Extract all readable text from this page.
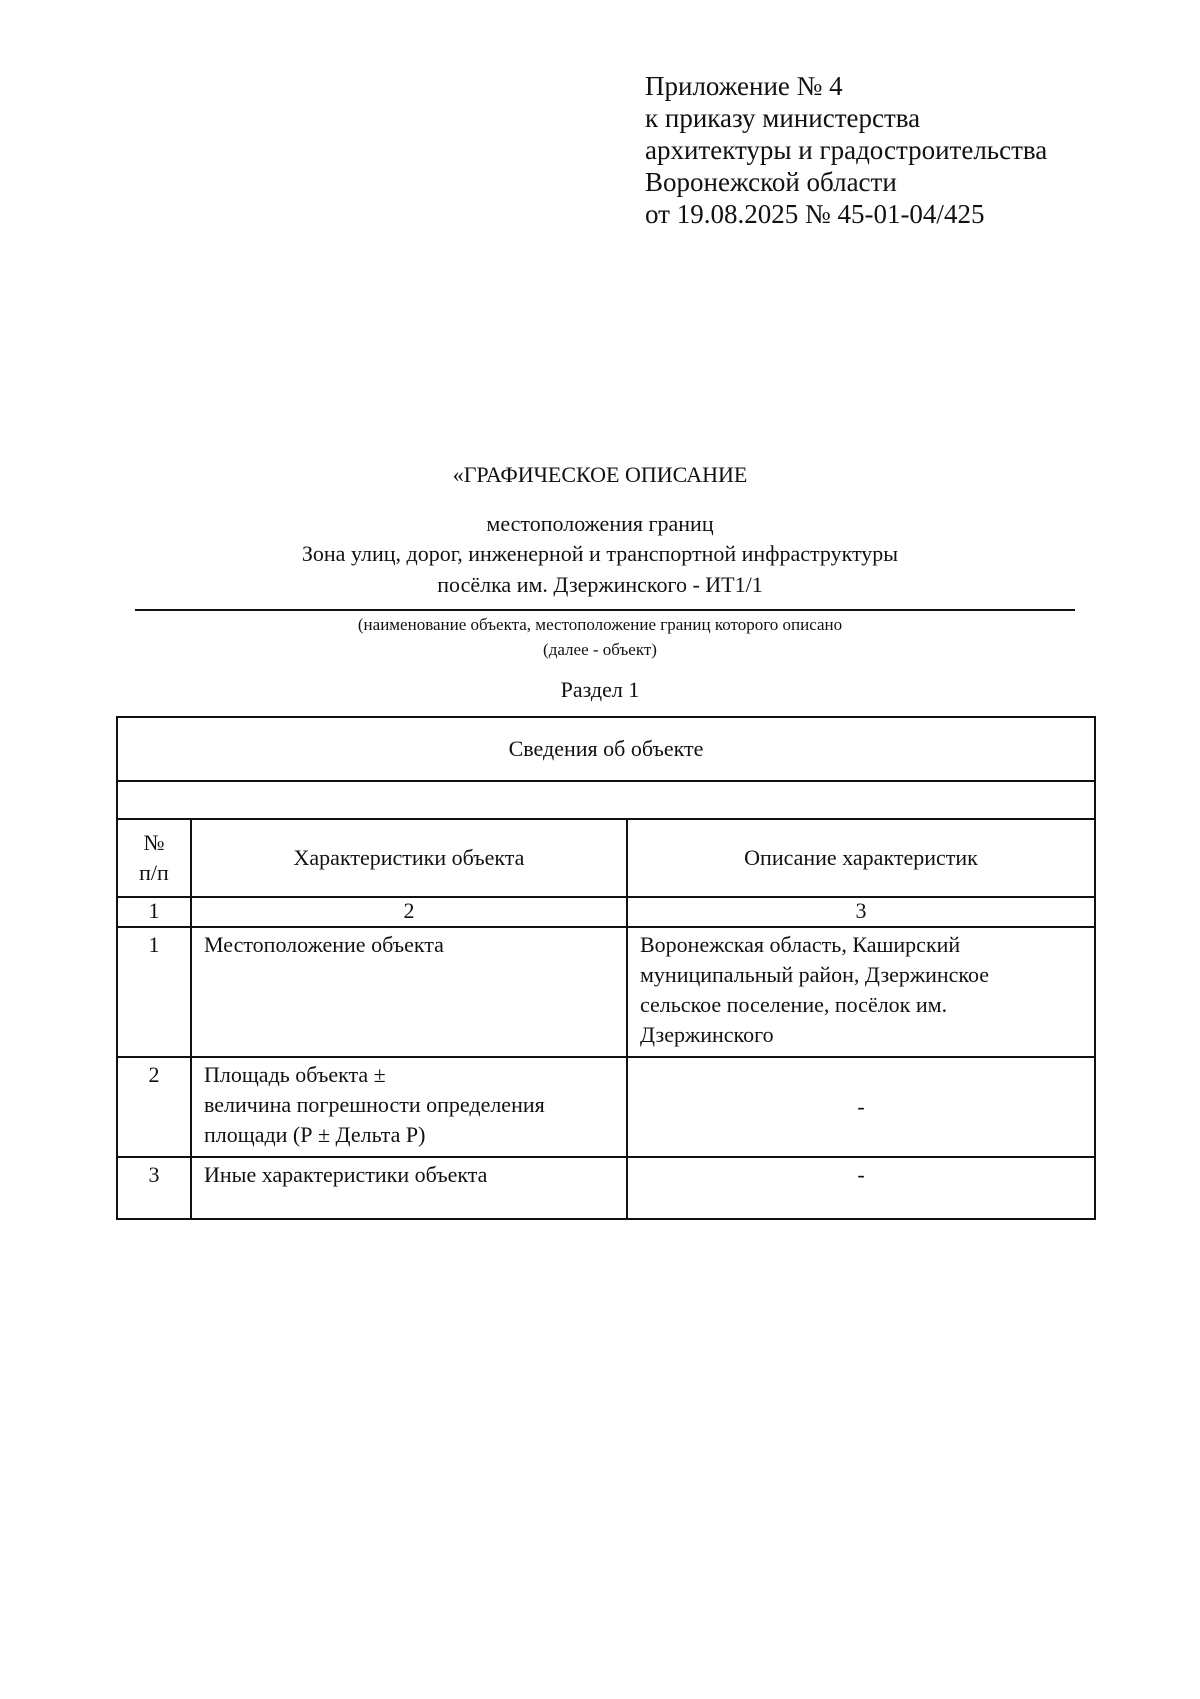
Приложение № 4
к приказу министерства
архитектуры и градостроительства
Воронежской области
от 19.08.2025 № 45-01-04/425
«ГРАФИЧЕСКОЕ ОПИСАНИЕ
местоположения границ
Зона улиц, дорог, инженерной и транспортной инфраструктуры
посёлка им. Дзержинского - ИТ1/1
(наименование объекта, местоположение границ которого описано
(далее - объект)
Раздел 1
Сведения об объекте		

№
п/п	Характеристики объекта	Описание характеристик
1	2	3
1	Местоположение объекта	Воронежская область, Каширский
муниципальный район, Дзержинское
сельское поселение, посёлок им.
Дзержинского

2	Площадь объекта ±
величина погрешности определения
площади (Р ± Дельта Р)	-
3	Иные характеристики объекта	-
